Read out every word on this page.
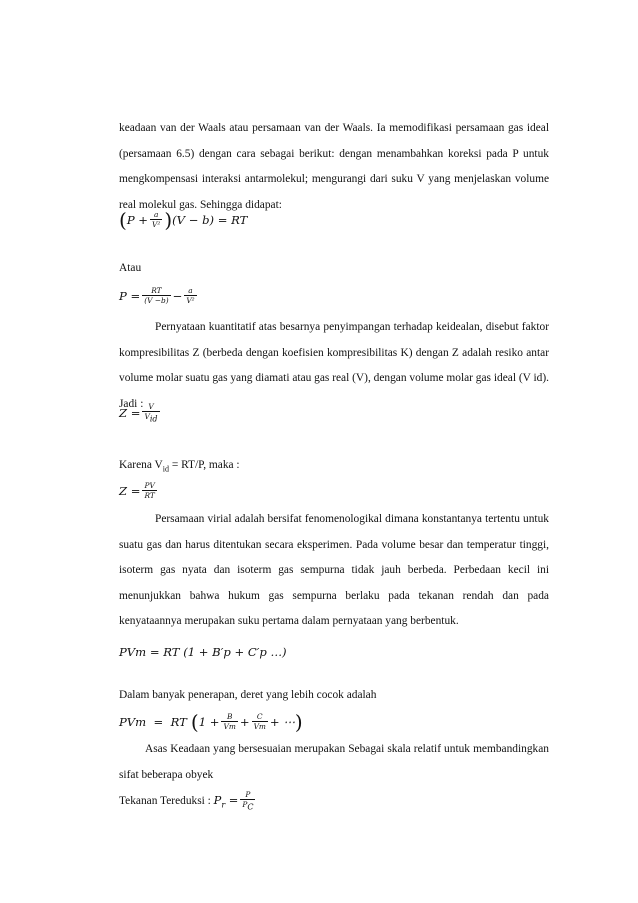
keadaan van der Waals atau persamaan van der Waals. Ia memodifikasi persamaan gas ideal (persamaan 6.5) dengan cara sebagai berikut: dengan menambahkan koreksi pada P untuk mengkompensasi interaksi antarmolekul; mengurangi dari suku V yang menjelaskan volume real molekul gas. Sehingga didapat:
( $P + \frac{a}{\text{V²}}$ ) (V − b) = RT
Atau
$P = \frac{RT}{(V -b)} - \frac{a}{\text{V²}}$
Pernyataan kuantitatif atas besarnya penyimpangan terhadap keidealan, disebut faktor kompresibilitas Z (berbeda dengan koefisien kompresibilitas K) dengan Z adalah resiko antar volume molar suatu gas yang diamati atau gas real (V), dengan volume molar gas ideal (V id). Jadi :
$Z = \frac{V}{V_{id}}$
Karena $V_{id} = RT/P$, maka :
$Z = \frac{PV}{RT}$
Persamaan virial adalah bersifat fenomenologikal dimana konstantanya tertentu untuk suatu gas dan harus ditentukan secara eksperimen. Pada volume besar dan temperatur tinggi, isoterm gas nyata dan isoterm gas sempurna tidak jauh berbeda. Perbedaan kecil ini menunjukkan bahwa hukum gas sempurna berlaku pada tekanan rendah dan pada kenyataannya merupakan suku pertama dalam pernyataan yang berbentuk.
PVm = RT (1 + B′p + C′p …)
Dalam banyak penerapan, deret yang lebih cocok adalah
PVm  =  RT ( $1 + \frac{B}{Vm} + \frac{C}{Vm}$ + ⋯ )
Asas Keadaan yang bersesuaian merupakan Sebagai skala relatif untuk membandingkan sifat beberapa obyek
Tekanan Tereduksi : $P_r = \frac{P}{P_C}$
